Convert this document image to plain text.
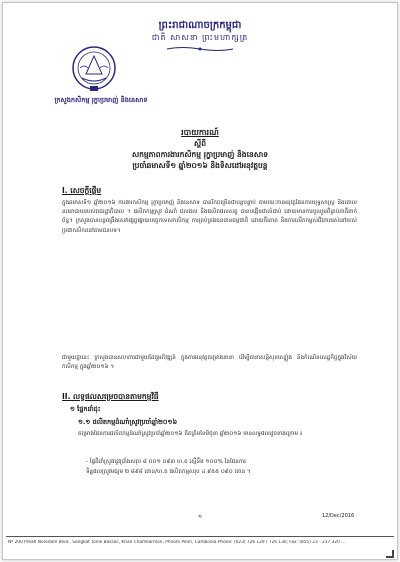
ព្រះរាជាណាចក្រកម្ពុជា
ជាតិ សាសនា ព្រះមហាក្សត្រ
ក្រសួងកសិកម្ម រុក្ខាប្រមាញ់ និងនេសាទ
របាយការណ៍
ស្តីពី
សកម្មភាពការងារកសិកម្ម រុក្ខាប្រមាញ់ និងនេសាទ
ប្រចាំឆមាសទី១ ឆ្នាំ២០១៦ និងទិសដៅអនុវត្តបន្ត
I. សេចក្តីផ្តើម
ក្នុងឆមាសទី១ ឆ្នាំ២០១៦ ការងារកសិកម្ម រុក្ខាប្រមាញ់ និងនេសាទ បានរីកចម្រើនជាបន្តបន្ទាប់ តាមរយៈការអនុវត្តផែនការយុទ្ធសាស្ត្រ និងគោលនយោបាយរបស់រាជរដ្ឋាភិបាល ។ ផលិតកម្មស្រូវ ដំណាំ ជលផល និងផលិតផលសត្វ បានបង្កើនជាលំដាប់ ដោយមានការចូលរួមពីគ្រប់ភាគីពាក់ព័ន្ធ។ ក្រសួងបានបន្តពង្រឹងសេវាផ្សព្វផ្សាយបច្ចេកទេសកសិកម្ម ការគ្រប់គ្រងធនធានធម្មជាតិ ដោយចីរភាព និងការលើកកម្ពស់ជីវភាពរស់នៅរបស់ប្រជាកសិករនៅតាមជនបទ។
ជាមួយគ្នានេះ ក្រសួងបានសហការជាមួយដៃគូអភិវឌ្ឍន៍ ក្នុងការអនុវត្តគម្រោងនានា ដើម្បីធានាសន្តិសុខស្បៀង និងកំណើនសេដ្ឋកិច្ចក្នុងវិស័យកសិកម្ម ក្នុងឆ្នាំ២០១៦ ។
II. លទ្ធផលសម្រេចបានតាមកម្មវិធី
១ ផ្នែកដាំដុះ
១.១ ផលិតកម្មដំណាំស្រូវប្រចាំឆ្នាំ២០១៦
គម្រោងផែនការផលិតកម្មដំណាំស្រូវប្រចាំឆ្នាំ២០១៦ គិតត្រឹមខែមិថុនា ឆ្នាំ២០១៦ មានលទ្ធផលដូចខាងក្រោម ៖
- ផ្ទៃដីដាំស្រូវរដូវប្រាំងសរុប ៨ ០០១ ០៩៣ ហ.ត ស្មើនឹង ១០០% នៃផែនការ
ទិន្នផលស្រូវមធ្យម ២ ៨៩៨ តោន/ហ.ត ផលិតកម្មសរុប ៤ ៩៥៥ ០៩០ តោន ។
១	12/Dec/2016
Nº 200 Preah Norodom Blvd., Sangkat Tonle Bassac, Khan Chamkarmon, Phnom Penh, Cambodia Phone: (023) 726 129 / 726 130, Fax: (855) 23 - 217 320 ...
